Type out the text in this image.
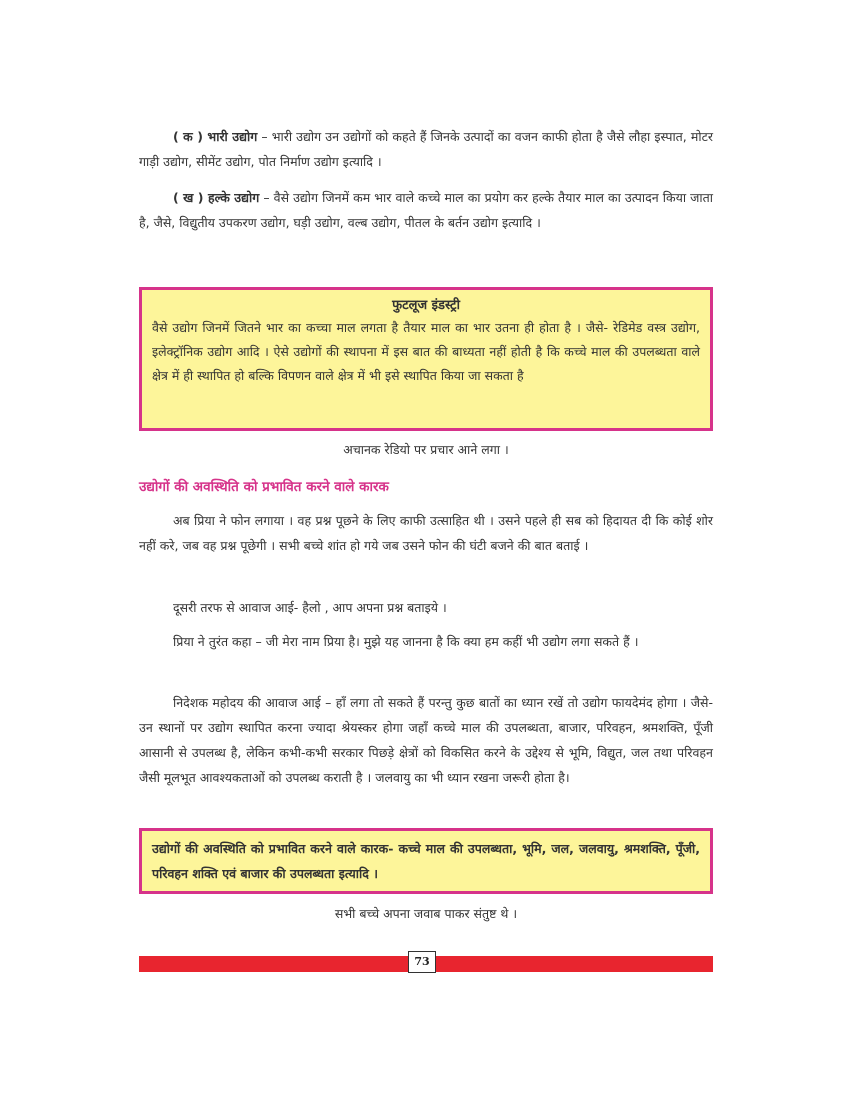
( क ) भारी उद्योग – भारी उद्योग उन उद्योगों को कहते हैं जिनके उत्पादों का वजन काफी होता है जैसे लौहा इस्पात, मोटर गाड़ी उद्योग, सीमेंट उद्योग, पोत निर्माण उद्योग इत्यादि ।

( ख ) हल्के उद्योग – वैसे उद्योग जिनमें कम भार वाले कच्चे माल का प्रयोग कर हल्के तैयार माल का उत्पादन किया जाता है, जैसे, विद्युतीय उपकरण उद्योग, घड़ी उद्योग, वल्ब उद्योग, पीतल के बर्तन उद्योग इत्यादि ।

फुटलूज इंडस्ट्री

वैसे उद्योग जिनमें जितने भार का कच्चा माल लगता है तैयार माल का भार उतना ही होता है । जैसे- रेडिमेड वस्त्र उद्योग, इलेक्ट्रॉनिक उद्योग आदि । ऐसे उद्योगों की स्थापना में इस बात की बाध्यता नहीं होती है कि कच्चे माल की उपलब्धता वाले क्षेत्र में ही स्थापित हो बल्कि विपणन वाले क्षेत्र में भी इसे स्थापित किया जा सकता है

अचानक रेडियो पर प्रचार आने लगा ।

उद्योगों की अवस्थिति को प्रभावित करने वाले कारक

अब प्रिया ने फोन लगाया । वह प्रश्न पूछने के लिए काफी उत्साहित थी । उसने पहले ही सब को हिदायत दी कि कोई शोर नहीं करे, जब वह प्रश्न पूछेगी । सभी बच्चे शांत हो गये जब उसने फोन की घंटी बजने की बात बताई ।

दूसरी तरफ से आवाज आई- हैलो , आप अपना प्रश्न बताइये ।

प्रिया ने तुरंत कहा – जी मेरा नाम प्रिया है। मुझे यह जानना है कि क्या हम कहीं भी उद्योग लगा सकते हैं ।

निदेशक महोदय की आवाज आई – हाँ लगा तो सकते हैं परन्तु कुछ बातों का ध्यान रखें तो उद्योग फायदेमंद होगा । जैसे-उन स्थानों पर उद्योग स्थापित करना ज्यादा श्रेयस्कर होगा जहाँ कच्चे माल की उपलब्धता, बाजार, परिवहन, श्रमशक्ति, पूँजी आसानी से उपलब्ध है, लेकिन कभी-कभी सरकार पिछड़े क्षेत्रों को विकसित करने के उद्देश्य से भूमि, विद्युत, जल तथा परिवहन जैसी मूलभूत आवश्यकताओं को उपलब्ध कराती है । जलवायु का भी ध्यान रखना जरूरी होता है।

उद्योगों की अवस्थिति को प्रभावित करने वाले कारक- कच्चे माल की उपलब्धता, भूमि, जल, जलवायु, श्रमशक्ति, पूँजी, परिवहन शक्ति एवं बाजार की उपलब्धता इत्यादि ।

सभी बच्चे अपना जवाब पाकर संतुष्ट थे ।

73
